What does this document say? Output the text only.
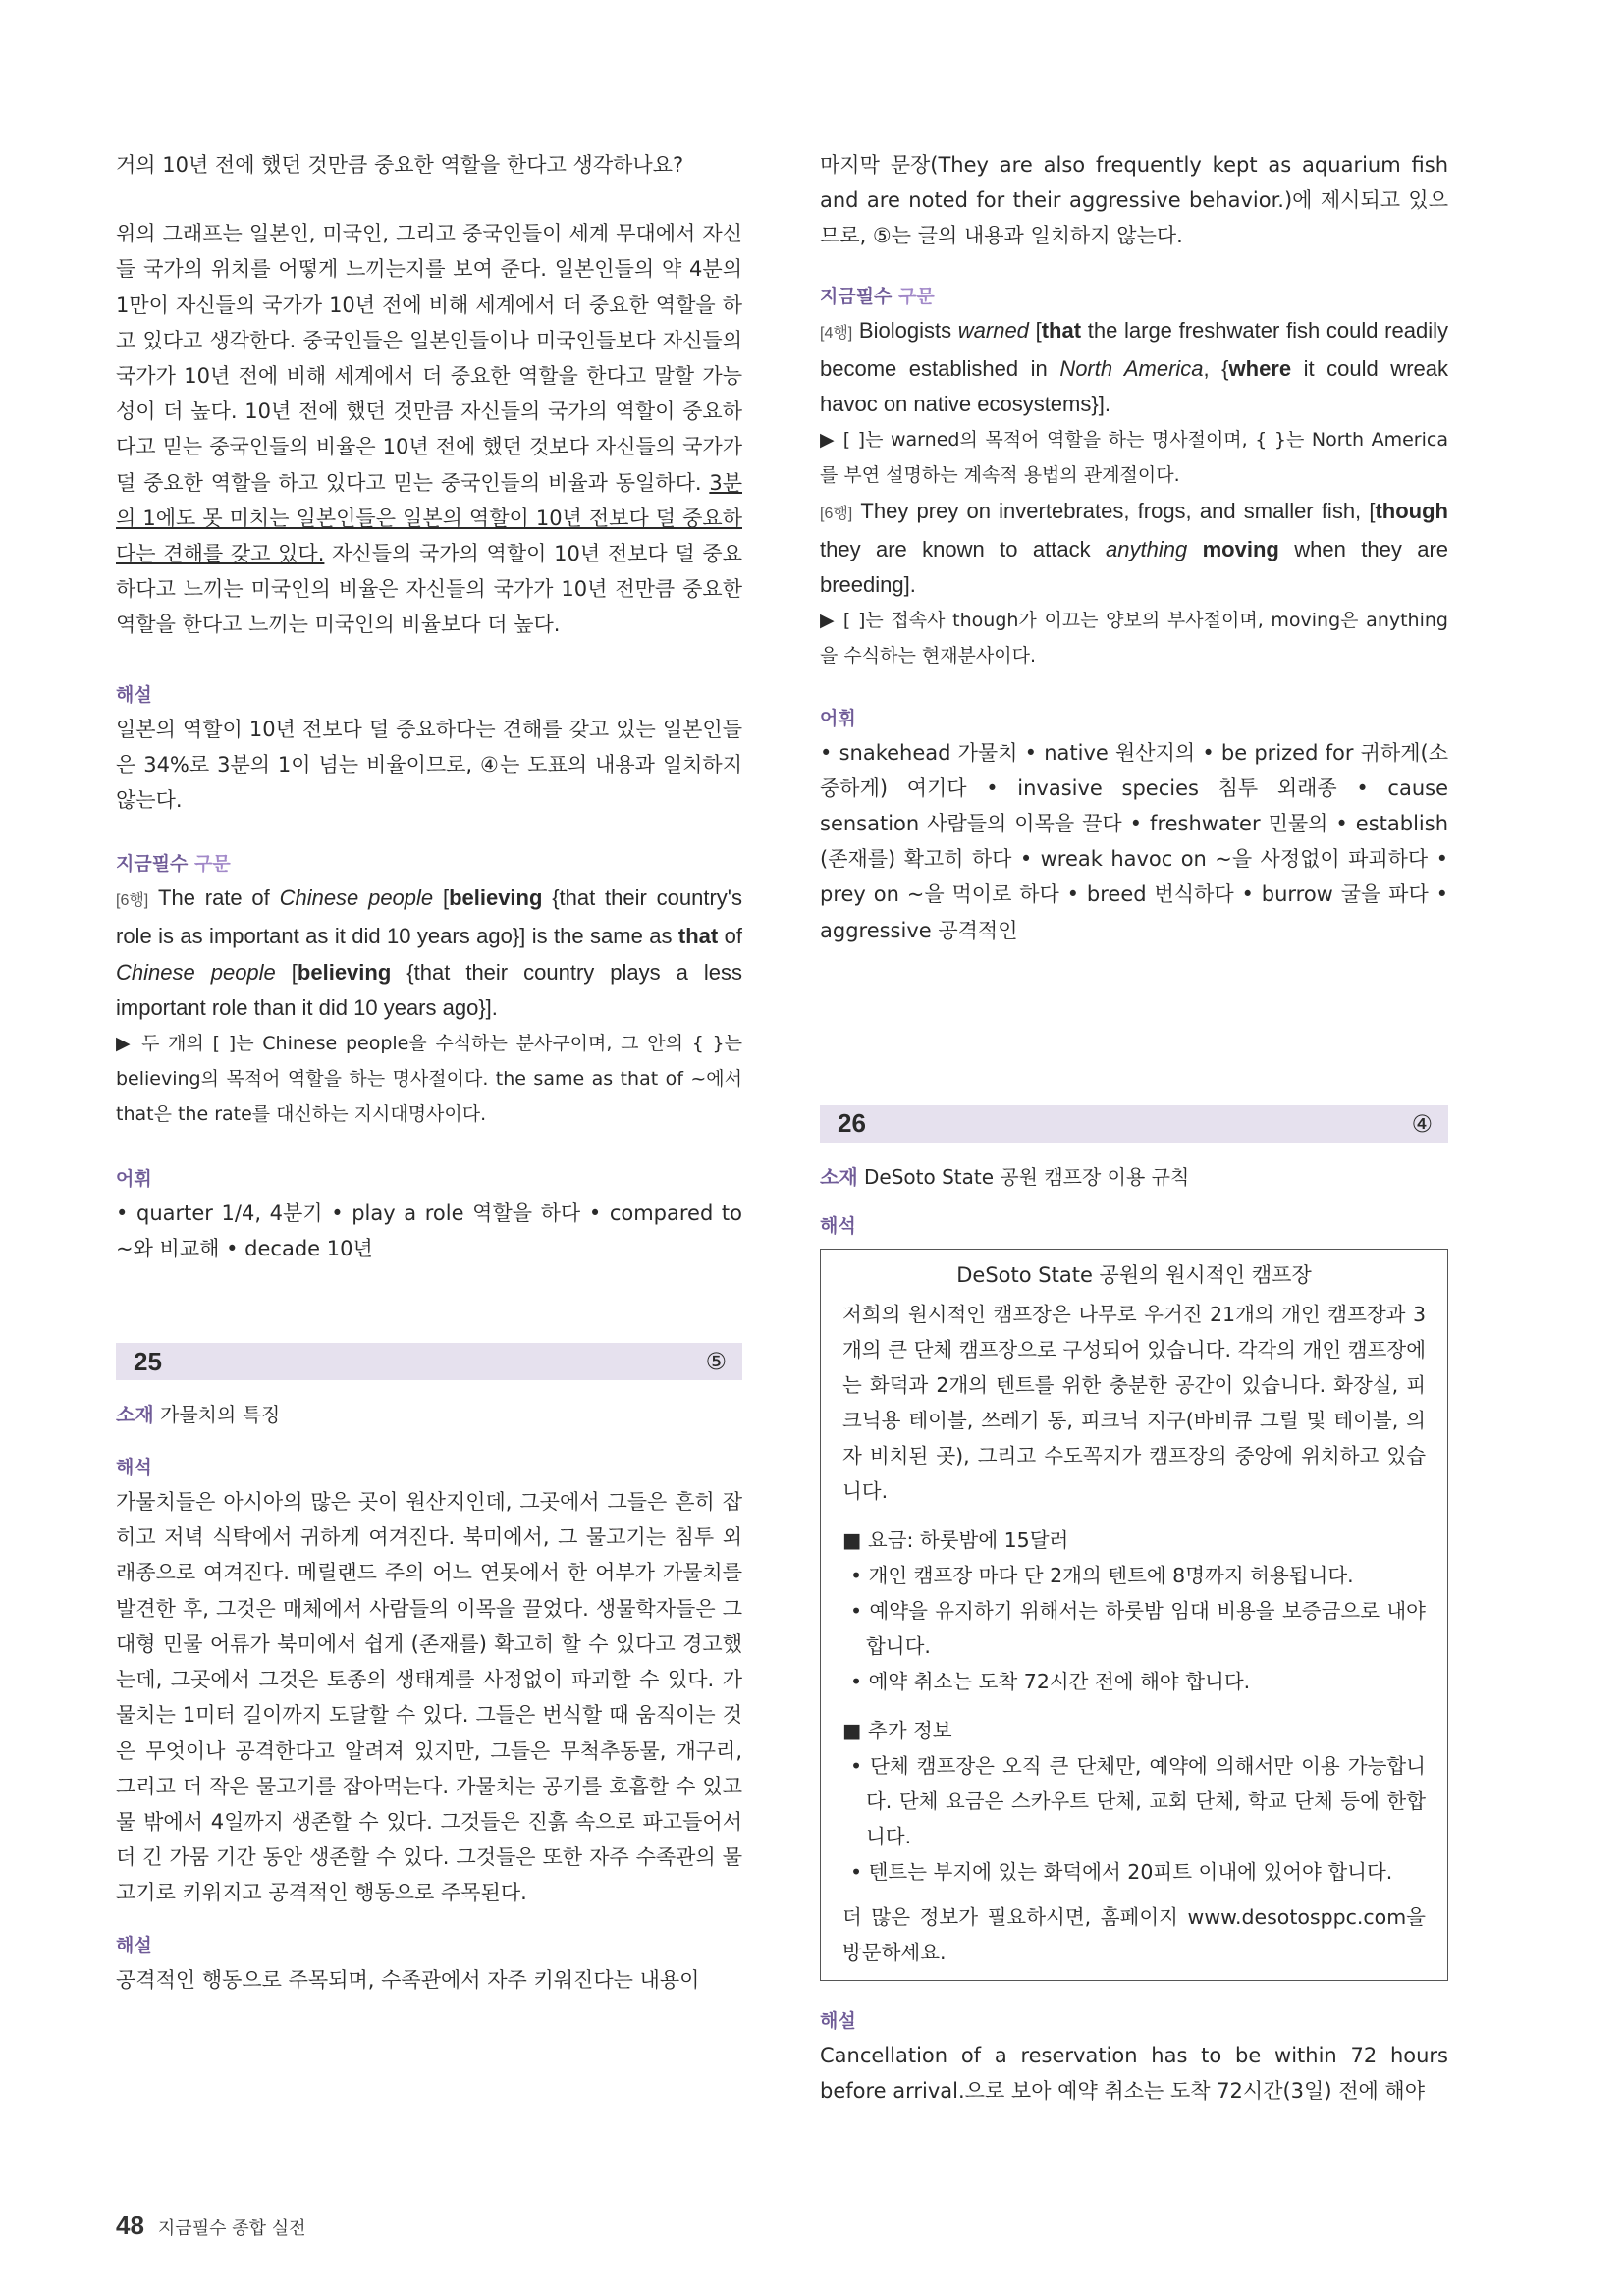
거의 10년 전에 했던 것만큼 중요한 역할을 한다고 생각하나요?

위의 그래프는 일본인, 미국인, 그리고 중국인들이 세계 무대에서 자신들 국가의 위치를 어떻게 느끼는지를 보여 준다. 일본인들의 약 4분의 1만이 자신들의 국가가 10년 전에 비해 세계에서 더 중요한 역할을 하고 있다고 생각한다. 중국인들은 일본인들이나 미국인들보다 자신들의 국가가 10년 전에 비해 세계에서 더 중요한 역할을 한다고 말할 가능성이 더 높다. 10년 전에 했던 것만큼 자신들의 국가의 역할이 중요하다고 믿는 중국인들의 비율은 10년 전에 했던 것보다 자신들의 국가가 덜 중요한 역할을 하고 있다고 믿는 중국인들의 비율과 동일하다. 3분의 1에도 못 미치는 일본인들은 일본의 역할이 10년 전보다 덜 중요하다는 견해를 갖고 있다. 자신들의 국가의 역할이 10년 전보다 덜 중요하다고 느끼는 미국인의 비율은 자신들의 국가가 10년 전만큼 중요한 역할을 한다고 느끼는 미국인의 비율보다 더 높다.

해설

일본의 역할이 10년 전보다 덜 중요하다는 견해를 갖고 있는 일본인들은 34%로 3분의 1이 넘는 비율이므로, ④는 도표의 내용과 일치하지 않는다.

지금필수 구문

[6행] The rate of Chinese people [believing {that their country's role is as important as it did 10 years ago}] is the same as that of Chinese people [believing {that their country plays a less important role than it did 10 years ago}].

▶ 두 개의 [ ]는 Chinese people을 수식하는 분사구이며, 그 안의 { }는 believing의 목적어 역할을 하는 명사절이다. the same as that of ~에서 that은 the rate를 대신하는 지시대명사이다.

어휘

• quarter 1/4, 4분기 • play a role 역할을 하다 • compared to ~와 비교해 • decade 10년

25	⑤

소재 가물치의 특징

해석

가물치들은 아시아의 많은 곳이 원산지인데, 그곳에서 그들은 흔히 잡히고 저녁 식탁에서 귀하게 여겨진다. 북미에서, 그 물고기는 침투 외래종으로 여겨진다. 메릴랜드 주의 어느 연못에서 한 어부가 가물치를 발견한 후, 그것은 매체에서 사람들의 이목을 끌었다. 생물학자들은 그 대형 민물 어류가 북미에서 쉽게 (존재를) 확고히 할 수 있다고 경고했는데, 그곳에서 그것은 토종의 생태계를 사정없이 파괴할 수 있다. 가물치는 1미터 길이까지 도달할 수 있다. 그들은 번식할 때 움직이는 것은 무엇이나 공격한다고 알려져 있지만, 그들은 무척추동물, 개구리, 그리고 더 작은 물고기를 잡아먹는다. 가물치는 공기를 호흡할 수 있고 물 밖에서 4일까지 생존할 수 있다. 그것들은 진흙 속으로 파고들어서 더 긴 가뭄 기간 동안 생존할 수 있다. 그것들은 또한 자주 수족관의 물고기로 키워지고 공격적인 행동으로 주목된다.

해설

공격적인 행동으로 주목되며, 수족관에서 자주 키워진다는 내용이

마지막 문장(They are also frequently kept as aquarium fish and are noted for their aggressive behavior.)에 제시되고 있으므로, ⑤는 글의 내용과 일치하지 않는다.

지금필수 구문

[4행] Biologists warned [that the large freshwater fish could readily become established in North America, {where it could wreak havoc on native ecosystems}].

▶ [ ]는 warned의 목적어 역할을 하는 명사절이며, { }는 North America를 부연 설명하는 계속적 용법의 관계절이다.

[6행] They prey on invertebrates, frogs, and smaller fish, [though they are known to attack anything moving when they are breeding].

▶ [ ]는 접속사 though가 이끄는 양보의 부사절이며, moving은 anything을 수식하는 현재분사이다.

어휘

• snakehead 가물치 • native 원산지의 • be prized for 귀하게(소중하게) 여기다 • invasive species 침투 외래종 • cause sensation 사람들의 이목을 끌다 • freshwater 민물의 • establish (존재를) 확고히 하다 • wreak havoc on ~을 사정없이 파괴하다 • prey on ~을 먹이로 하다 • breed 번식하다 • burrow 굴을 파다 • aggressive 공격적인

26	④

소재 DeSoto State 공원 캠프장 이용 규칙

해석

DeSoto State 공원의 원시적인 캠프장

저희의 원시적인 캠프장은 나무로 우거진 21개의 개인 캠프장과 3개의 큰 단체 캠프장으로 구성되어 있습니다. 각각의 개인 캠프장에는 화덕과 2개의 텐트를 위한 충분한 공간이 있습니다. 화장실, 피크닉용 테이블, 쓰레기 통, 피크닉 지구(바비큐 그릴 및 테이블, 의자 비치된 곳), 그리고 수도꼭지가 캠프장의 중앙에 위치하고 있습니다.

■ 요금: 하룻밤에 15달러

• 개인 캠프장 마다 단 2개의 텐트에 8명까지 허용됩니다.

• 예약을 유지하기 위해서는 하룻밤 임대 비용을 보증금으로 내야 합니다.

• 예약 취소는 도착 72시간 전에 해야 합니다.

■ 추가 정보

• 단체 캠프장은 오직 큰 단체만, 예약에 의해서만 이용 가능합니다. 단체 요금은 스카우트 단체, 교회 단체, 학교 단체 등에 한합니다.

• 텐트는 부지에 있는 화덕에서 20피트 이내에 있어야 합니다.

더 많은 정보가 필요하시면, 홈페이지 www.desotosppc.com을 방문하세요.

해설

Cancellation of a reservation has to be within 72 hours before arrival.으로 보아 예약 취소는 도착 72시간(3일) 전에 해야

48 지금필수 종합 실전
